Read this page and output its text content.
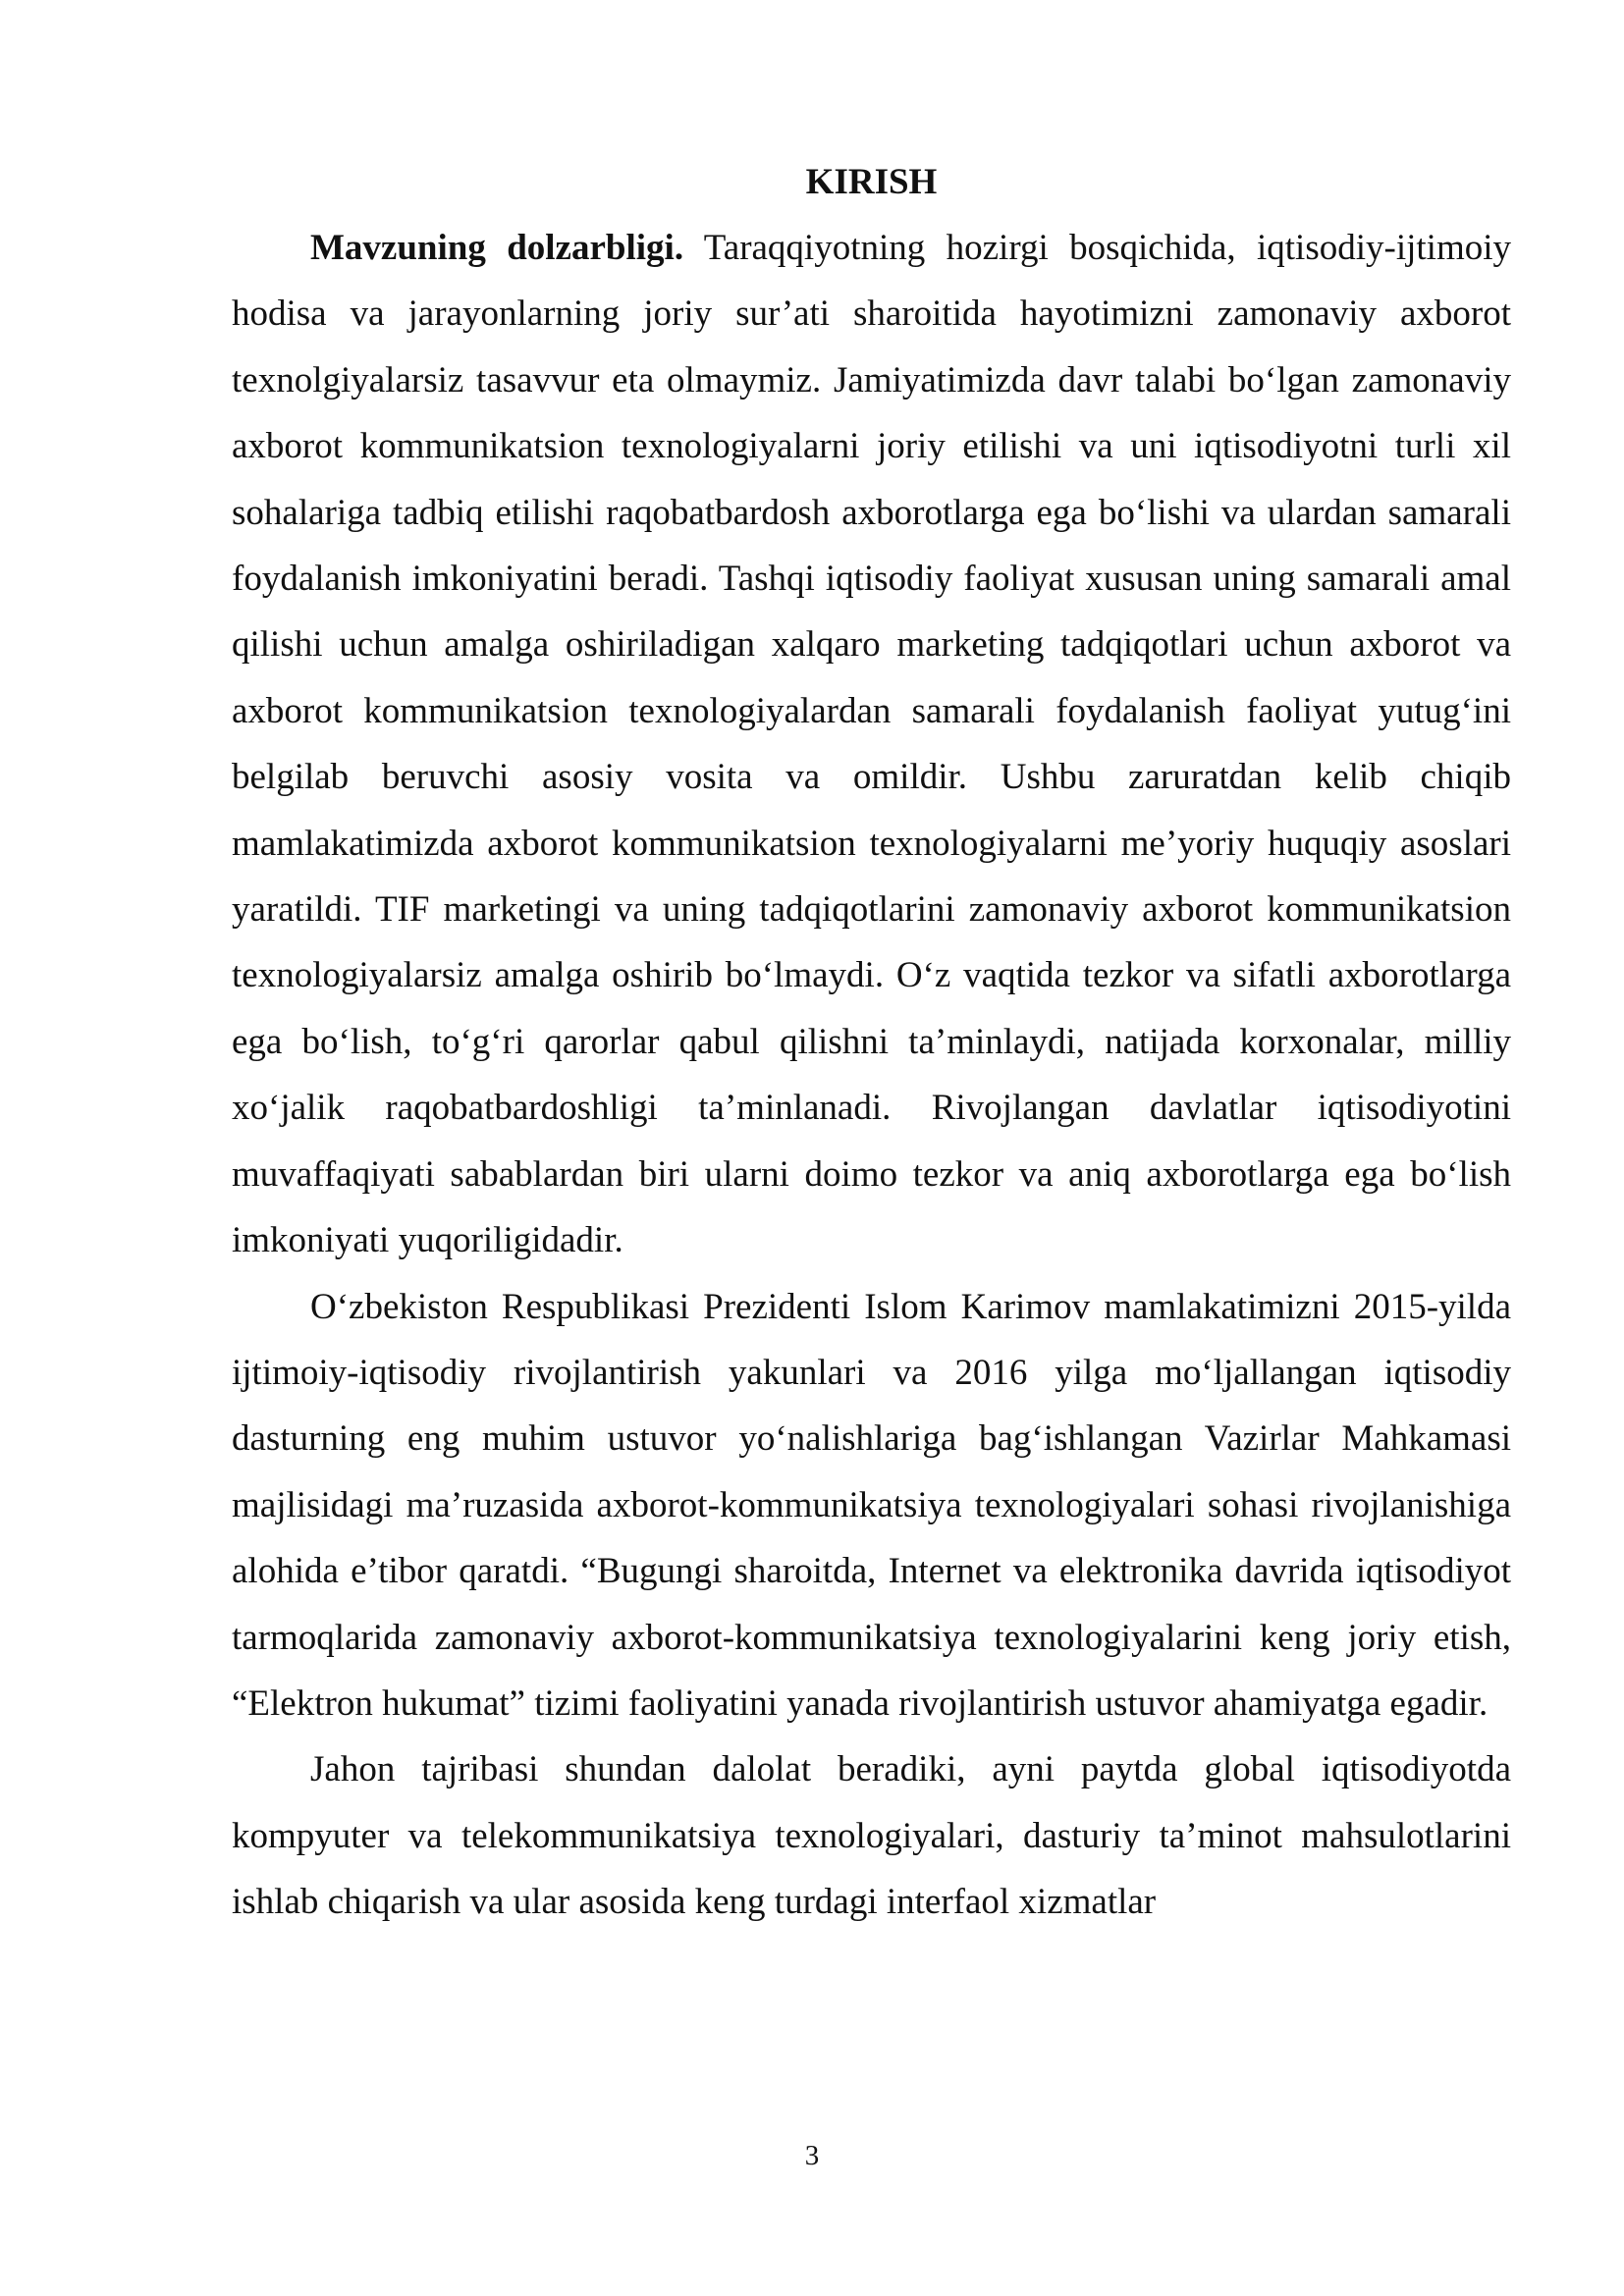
KIRISH

Mavzuning dolzarbligi. Taraqqiyotning hozirgi bosqichida, iqtisodiy-ijtimoiy hodisa va jarayonlarning joriy sur’ati sharoitida hayotimizni zamonaviy axborot texnolgiyalarsiz tasavvur eta olmaymiz. Jamiyatimizda davr talabi bo‘lgan zamonaviy axborot kommunikatsion texnologiyalarni joriy etilishi va uni iqtisodiyotni turli xil sohalariga tadbiq etilishi raqobatbardosh axborotlarga ega bo‘lishi va ulardan samarali foydalanish imkoniyatini beradi. Tashqi iqtisodiy faoliyat xususan uning samarali amal qilishi uchun amalga oshiriladigan xalqaro marketing tadqiqotlari uchun axborot va axborot kommunikatsion texnologiyalardan samarali foydalanish faoliyat yutug‘ini belgilab beruvchi asosiy vosita va omildir. Ushbu zaruratdan kelib chiqib mamlakatimizda axborot kommunikatsion texnologiyalarni me’yoriy huquqiy asoslari yaratildi. TIF marketingi va uning tadqiqotlarini zamonaviy axborot kommunikatsion texnologiyalarsiz amalga oshirib bo‘lmaydi. O‘z vaqtida tezkor va sifatli axborotlarga ega bo‘lish, to‘g‘ri qarorlar qabul qilishni ta’minlaydi, natijada korxonalar, milliy xo‘jalik raqobatbardoshligi ta’minlanadi. Rivojlangan davlatlar iqtisodiyotini muvaffaqiyati sabablardan biri ularni doimo tezkor va aniq axborotlarga ega bo‘lish imkoniyati yuqoriligidadir.

O‘zbekiston Respublikasi Prezidenti Islom Karimov mamlakatimizni 2015-yilda ijtimoiy-iqtisodiy rivojlantirish yakunlari va 2016 yilga mo‘ljallangan iqtisodiy dasturning eng muhim ustuvor yo‘nalishlariga bag‘ishlangan Vazirlar Mahkamasi majlisidagi ma’ruzasida axborot-kommunikatsiya texnologiyalari sohasi rivojlanishiga alohida e’tibor qaratdi. “Bugungi sharoitda, Internet va elektronika davrida iqtisodiyot tarmoqlarida zamonaviy axborot-kommunikatsiya texnologiyalarini keng joriy etish, “Elektron hukumat” tizimi faoliyatini yanada rivojlantirish ustuvor ahamiyatga egadir.

Jahon tajribasi shundan dalolat beradiki, ayni paytda global iqtisodiyotda kompyuter va telekommunikatsiya texnologiyalari, dasturiy ta’minot mahsulotlarini ishlab chiqarish va ular asosida keng turdagi interfaol xizmatlar

3
